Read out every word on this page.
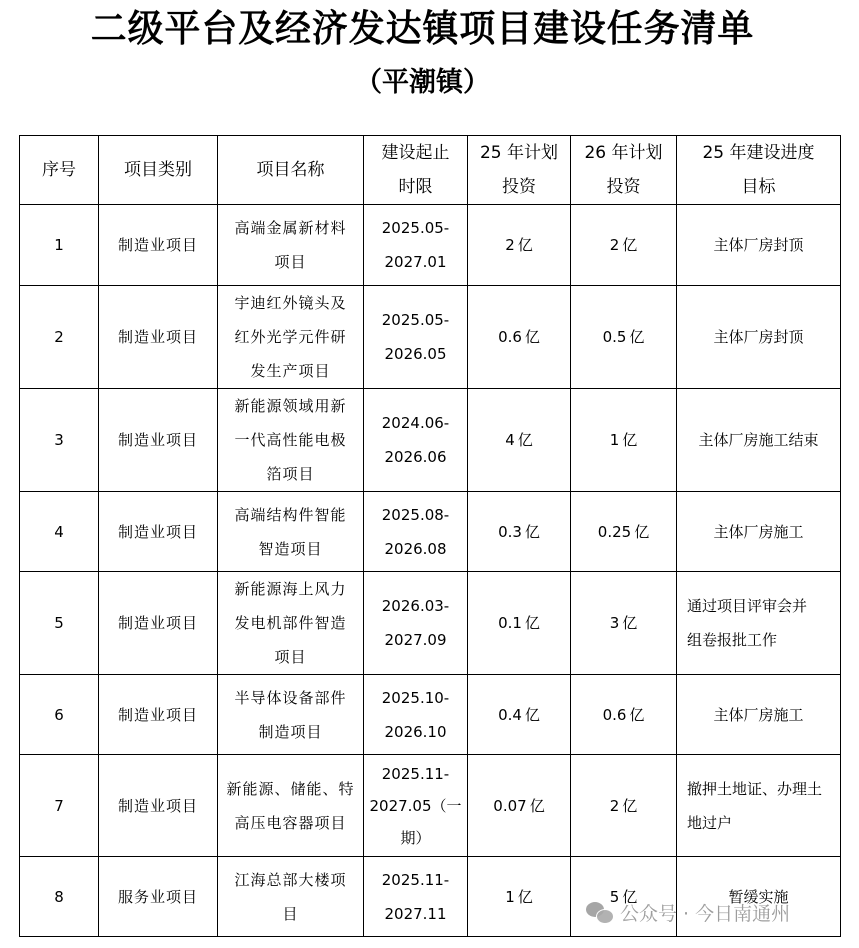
二级平台及经济发达镇项目建设任务清单
（平潮镇）
序号	项目类别	项目名称	建设起止
时限	25 年计划
投资	26 年计划
投资	25 年建设进度
目标
1	制造业项目	高端金属新材料
项目	2025.05-
2027.01	2 亿	2 亿	主体厂房封顶
2	制造业项目	宇迪红外镜头及
红外光学元件研
发生产项目	2025.05-
2026.05	0.6 亿	0.5 亿	主体厂房封顶
3	制造业项目	新能源领域用新
一代高性能电极
箔项目	2024.06-
2026.06	4 亿	1 亿	主体厂房施工结束
4	制造业项目	高端结构件智能
智造项目	2025.08-
2026.08	0.3 亿	0.25 亿	主体厂房施工
5	制造业项目	新能源海上风力
发电机部件智造
项目	2026.03-
2027.09	0.1 亿	3 亿	通过项目评审会并
组卷报批工作
6	制造业项目	半导体设备部件
制造项目	2025.10-
2026.10	0.4 亿	0.6 亿	主体厂房施工
7	制造业项目	新能源、储能、特
高压电容器项目	2025.11-
2027.05（一
期）	0.07 亿	2 亿	撤押土地证、办理土
地过户
8	服务业项目	江海总部大楼项
目	2025.11-
2027.11	1 亿	5 亿	暂缓实施
公众号 · 今日南通州
